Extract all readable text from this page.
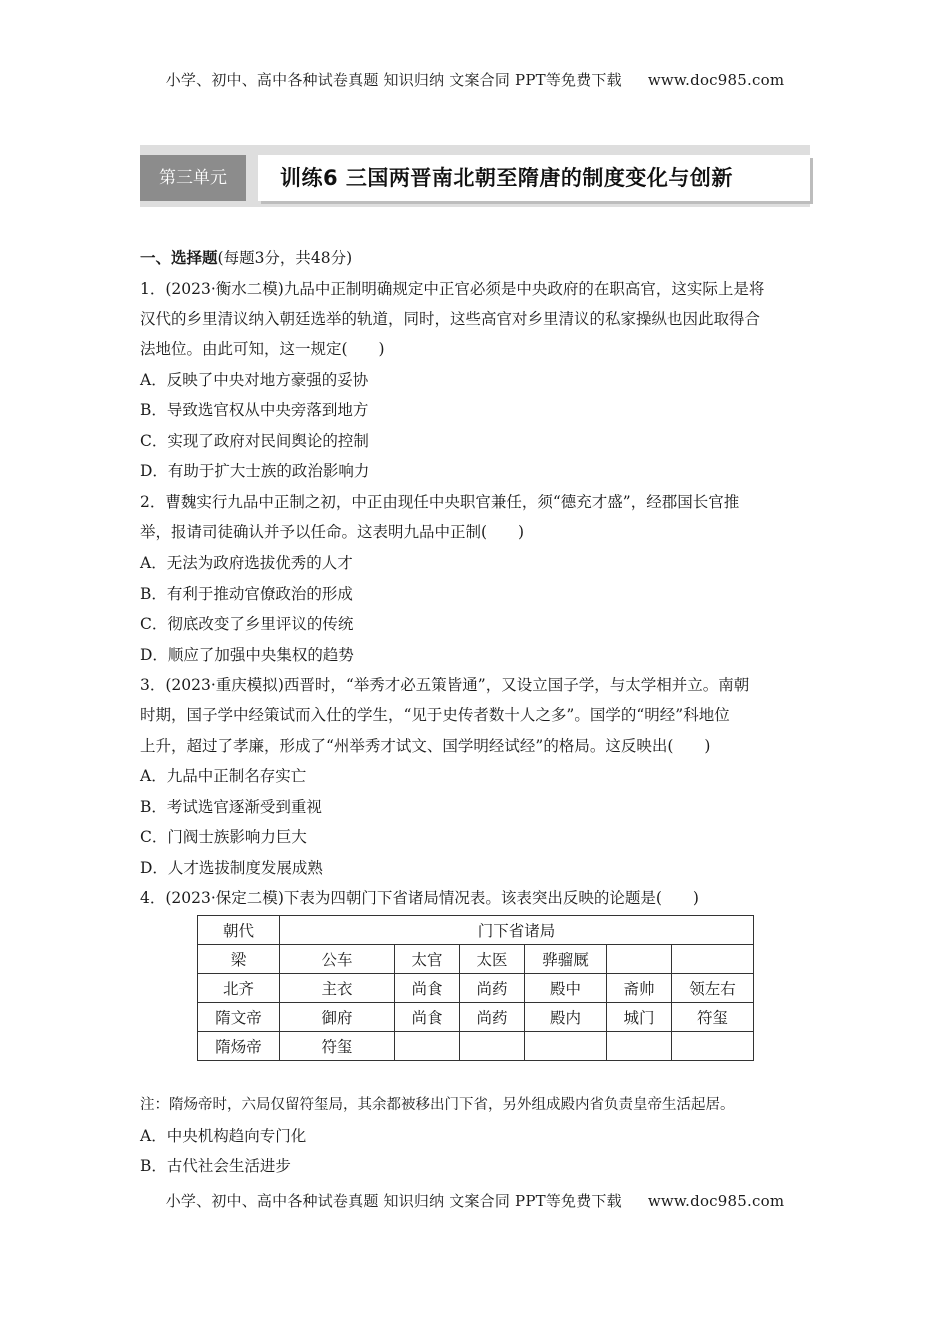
小学、初中、高中各种试卷真题 知识归纳 文案合同 PPT等免费下载 www.doc985.com
第三单元	训练6 三国两晋南北朝至隋唐的制度变化与创新
一、选择题(每题3分，共48分)
1．(2023·衡水二模)九品中正制明确规定中正官必须是中央政府的在职高官，这实际上是将
汉代的乡里清议纳入朝廷选举的轨道，同时，这些高官对乡里清议的私家操纵也因此取得合
法地位。由此可知，这一规定(　　)
A．反映了中央对地方豪强的妥协
B．导致选官权从中央旁落到地方
C．实现了政府对民间舆论的控制
D．有助于扩大士族的政治影响力
2．曹魏实行九品中正制之初，中正由现任中央职官兼任，须“德充才盛”，经郡国长官推
举，报请司徒确认并予以任命。这表明九品中正制(　　)
A．无法为政府选拔优秀的人才
B．有利于推动官僚政治的形成
C．彻底改变了乡里评议的传统
D．顺应了加强中央集权的趋势
3．(2023·重庆模拟)西晋时，“举秀才必五策皆通”，又设立国子学，与太学相并立。南朝
时期，国子学中经策试而入仕的学生，“见于史传者数十人之多”。国学的“明经”科地位
上升，超过了孝廉，形成了“州举秀才试文、国学明经试经”的格局。这反映出(　　)
A．九品中正制名存实亡
B．考试选官逐渐受到重视
C．门阀士族影响力巨大
D．人才选拔制度发展成熟
4．(2023·保定二模)下表为四朝门下省诸局情况表。该表突出反映的论题是(　　)
朝代	门下省诸局					
梁	公车	太官	太医	骅骝厩		
北齐	主衣	尚食	尚药	殿中	斋帅	领左右
隋文帝	御府	尚食	尚药	殿内	城门	符玺
隋炀帝	符玺					
注：隋炀帝时，六局仅留符玺局，其余都被移出门下省，另外组成殿内省负责皇帝生活起居。
A．中央机构趋向专门化
B．古代社会生活进步
小学、初中、高中各种试卷真题 知识归纳 文案合同 PPT等免费下载 www.doc985.com
